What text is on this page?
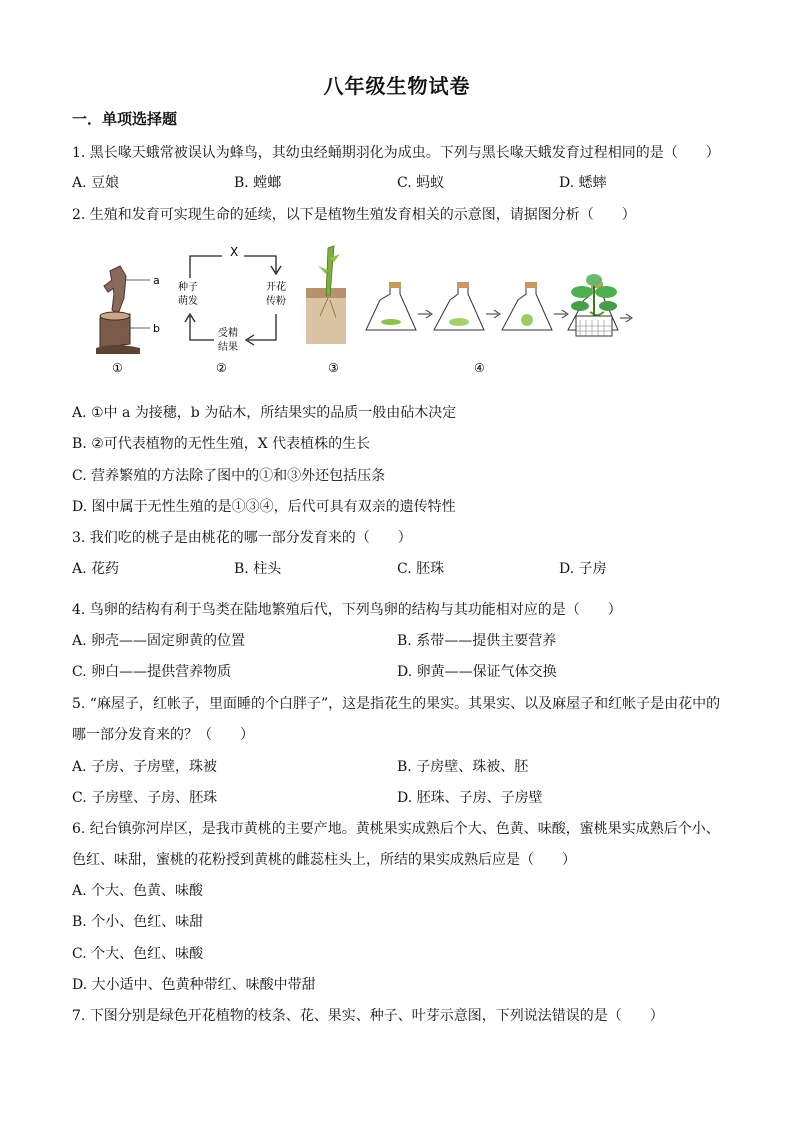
八年级生物试卷
一．单项选择题
1. 黑长喙天蛾常被误认为蜂鸟，其幼虫经蛹期羽化为成虫。下列与黑长喙天蛾发育过程相同的是（　　）
A. 豆娘	B. 螳螂	C. 蚂蚁	D. 蟋蟀
2. 生殖和发育可实现生命的延续，以下是植物生殖发育相关的示意图，请据图分析（　　）
a
b
X
种子
萌发
开花
传粉
受精
结果
①	②	③	④
A. ①中 a 为接穗，b 为砧木，所结果实的品质一般由砧木决定
B. ②可代表植物的无性生殖，X 代表植株的生长
C. 营养繁殖的方法除了图中的①和③外还包括压条
D. 图中属于无性生殖的是①③④，后代可具有双亲的遗传特性
3. 我们吃的桃子是由桃花的哪一部分发育来的（　　）
A. 花药	B. 柱头	C. 胚珠	D. 子房
4. 鸟卵的结构有利于鸟类在陆地繁殖后代，下列鸟卵的结构与其功能相对应的是（　　）
A. 卵壳——固定卵黄的位置	B. 系带——提供主要营养
C. 卵白——提供营养物质	D. 卵黄——保证气体交换
5. “麻屋子，红帐子，里面睡的个白胖子”，这是指花生的果实。其果实、以及麻屋子和红帐子是由花中的
哪一部分发育来的？（　　）
A. 子房、子房壁，珠被	B. 子房壁、珠被、胚
C. 子房壁、子房、胚珠	D. 胚珠、子房、子房壁
6. 纪台镇弥河岸区，是我市黄桃的主要产地。黄桃果实成熟后个大、色黄、味酸，蜜桃果实成熟后个小、
色红、味甜，蜜桃的花粉授到黄桃的雌蕊柱头上，所结的果实成熟后应是（　　）
A. 个大、色黄、味酸
B. 个小、色红、味甜
C. 个大、色红、味酸
D. 大小适中、色黄种带红、味酸中带甜
7. 下图分别是绿色开花植物的枝条、花、果实、种子、叶芽示意图，下列说法错误的是（　　）
